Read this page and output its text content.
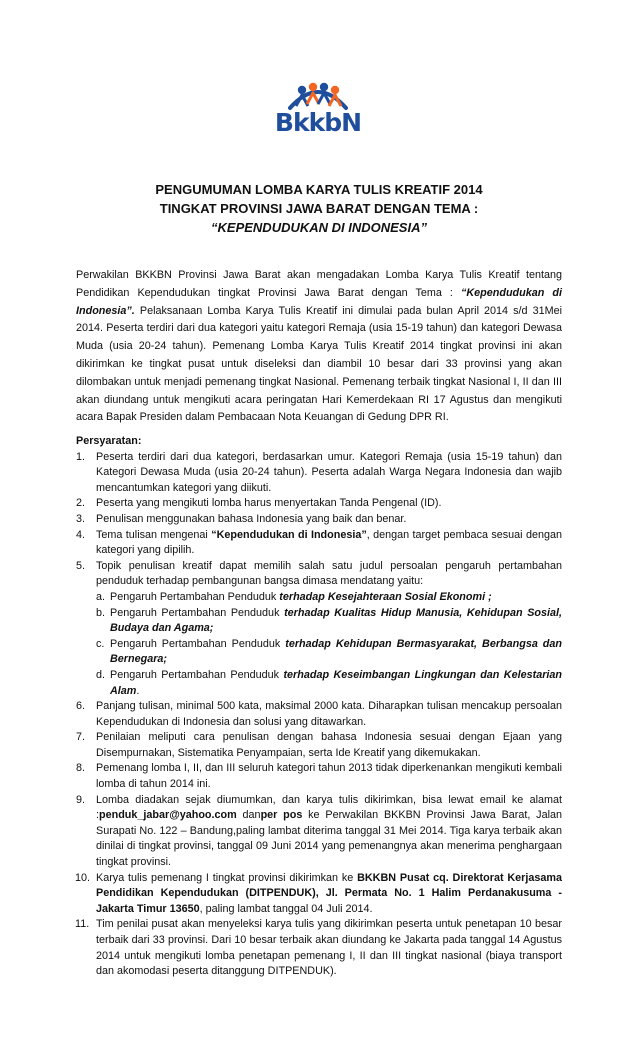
BkkbN
PENGUMUMAN LOMBA KARYA TULIS KREATIF 2014
TINGKAT PROVINSI JAWA BARAT DENGAN TEMA :
“KEPENDUDUKAN DI INDONESIA”
Perwakilan BKKBN Provinsi Jawa Barat akan mengadakan Lomba Karya Tulis Kreatif tentang Pendidikan Kependudukan tingkat Provinsi Jawa Barat dengan Tema : “Kependudukan di Indonesia”. Pelaksanaan Lomba Karya Tulis Kreatif ini dimulai pada bulan April 2014 s/d 31Mei 2014. Peserta terdiri dari dua kategori yaitu kategori Remaja (usia 15-19 tahun) dan kategori Dewasa Muda (usia 20-24 tahun). Pemenang Lomba Karya Tulis Kreatif 2014 tingkat provinsi ini akan dikirimkan ke tingkat pusat untuk diseleksi dan diambil 10 besar dari 33 provinsi yang akan dilombakan untuk menjadi pemenang tingkat Nasional. Pemenang terbaik tingkat Nasional I, II dan III akan diundang untuk mengikuti acara peringatan Hari Kemerdekaan RI 17 Agustus dan mengikuti acara Bapak Presiden dalam Pembacaan Nota Keuangan di Gedung DPR RI.
Persyaratan:
1. Peserta terdiri dari dua kategori, berdasarkan umur. Kategori Remaja (usia 15-19 tahun) dan Kategori Dewasa Muda (usia 20-24 tahun). Peserta adalah Warga Negara Indonesia dan wajib mencantumkan kategori yang diikuti.
2. Peserta yang mengikuti lomba harus menyertakan Tanda Pengenal (ID).
3. Penulisan menggunakan bahasa Indonesia yang baik dan benar.
4. Tema tulisan mengenai “Kependudukan di Indonesia”, dengan target pembaca sesuai dengan kategori yang dipilih.
5. Topik penulisan kreatif dapat memilih salah satu judul persoalan pengaruh pertambahan penduduk terhadap pembangunan bangsa dimasa mendatang yaitu:
a. Pengaruh Pertambahan Penduduk terhadap Kesejahteraan Sosial Ekonomi ;
b. Pengaruh Pertambahan Penduduk terhadap Kualitas Hidup Manusia, Kehidupan Sosial, Budaya dan Agama;
c. Pengaruh Pertambahan Penduduk terhadap Kehidupan Bermasyarakat, Berbangsa dan Bernegara;
d. Pengaruh Pertambahan Penduduk terhadap Keseimbangan Lingkungan dan Kelestarian Alam.
6. Panjang tulisan, minimal 500 kata, maksimal 2000 kata. Diharapkan tulisan mencakup persoalan Kependudukan di Indonesia dan solusi yang ditawarkan.
7. Penilaian meliputi cara penulisan dengan bahasa Indonesia sesuai dengan Ejaan yang Disempurnakan, Sistematika Penyampaian, serta Ide Kreatif yang dikemukakan.
8. Pemenang lomba I, II, dan III seluruh kategori tahun 2013 tidak diperkenankan mengikuti kembali lomba di tahun 2014 ini.
9. Lomba diadakan sejak diumumkan, dan karya tulis dikirimkan, bisa lewat email ke alamat :penduk_jabar@yahoo.com danper pos ke Perwakilan BKKBN Provinsi Jawa Barat, Jalan Surapati No. 122 – Bandung,paling lambat diterima tanggal 31 Mei 2014. Tiga karya terbaik akan dinilai di tingkat provinsi, tanggal 09 Juni 2014 yang pemenangnya akan menerima penghargaan tingkat provinsi.
10. Karya tulis pemenang I tingkat provinsi dikirimkan ke BKKBN Pusat cq. Direktorat Kerjasama Pendidikan Kependudukan (DITPENDUK), Jl. Permata No. 1 Halim Perdanakusuma - Jakarta Timur 13650, paling lambat tanggal 04 Juli 2014.
11. Tim penilai pusat akan menyeleksi karya tulis yang dikirimkan peserta untuk penetapan 10 besar terbaik dari 33 provinsi. Dari 10 besar terbaik akan diundang ke Jakarta pada tanggal 14 Agustus 2014 untuk mengikuti lomba penetapan pemenang I, II dan III tingkat nasional (biaya transport dan akomodasi peserta ditanggung DITPENDUK).
